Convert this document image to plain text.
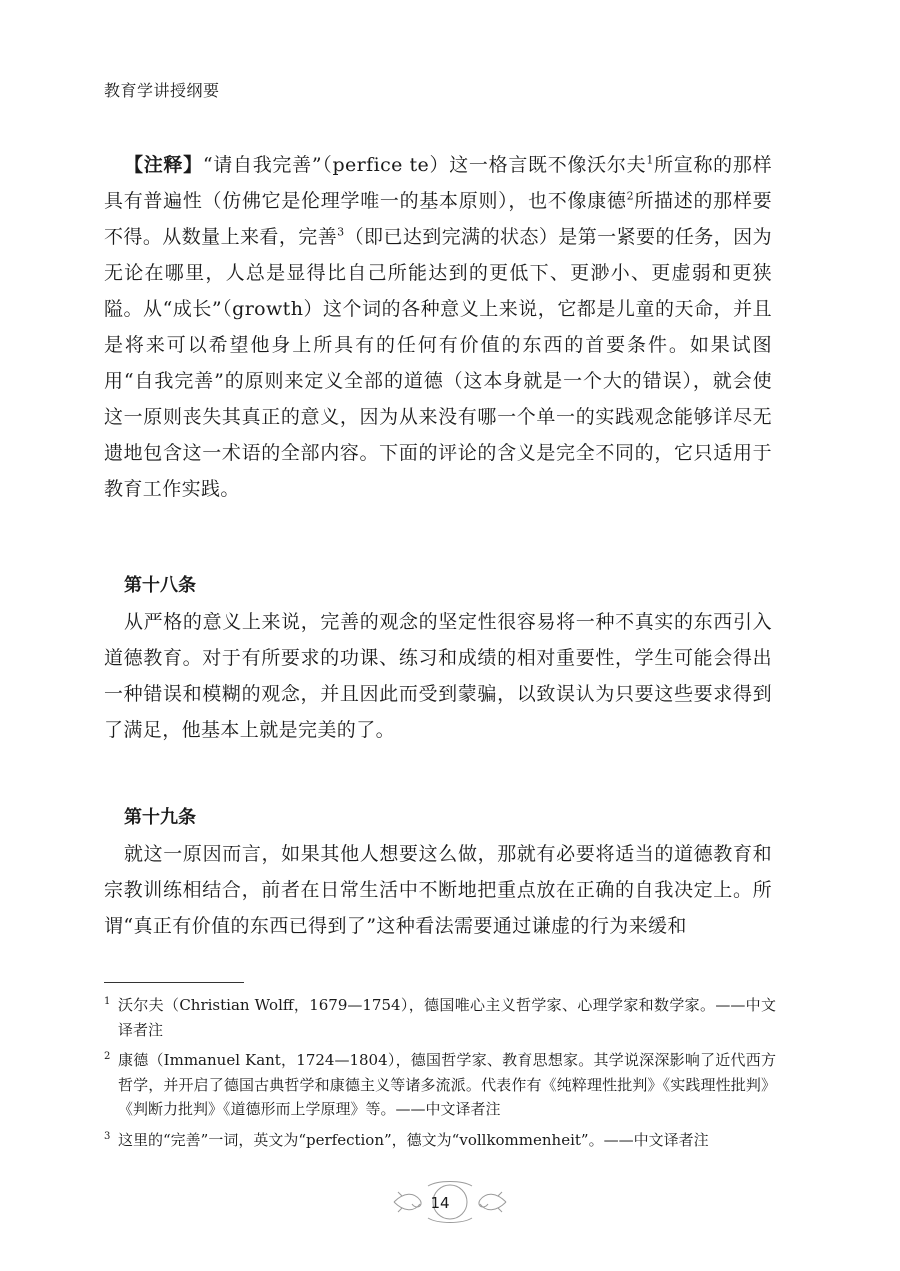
教育学讲授纲要
【注释】“请自我完善”（perfice te）这一格言既不像沃尔夫$^1$所宣称的那样具有普遍性（仿佛它是伦理学唯一的基本原则），也不像康德$^2$所描述的那样要不得。从数量上来看，完善$^3$（即已达到完满的状态）是第一紧要的任务，因为无论在哪里，人总是显得比自己所能达到的更低下、更渺小、更虚弱和更狭隘。从“成长”（growth）这个词的各种意义上来说，它都是儿童的天命，并且是将来可以希望他身上所具有的任何有价值的东西的首要条件。如果试图用“自我完善”的原则来定义全部的道德（这本身就是一个大的错误），就会使这一原则丧失其真正的意义，因为从来没有哪一个单一的实践观念能够详尽无遗地包含这一术语的全部内容。下面的评论的含义是完全不同的，它只适用于教育工作实践。
第十八条
从严格的意义上来说，完善的观念的坚定性很容易将一种不真实的东西引入道德教育。对于有所要求的功课、练习和成绩的相对重要性，学生可能会得出一种错误和模糊的观念，并且因此而受到蒙骗，以致误认为只要这些要求得到了满足，他基本上就是完美的了。
第十九条
就这一原因而言，如果其他人想要这么做，那就有必要将适当的道德教育和宗教训练相结合，前者在日常生活中不断地把重点放在正确的自我决定上。所谓“真正有价值的东西已得到了”这种看法需要通过谦虚的行为来缓和
1 沃尔夫（Christian Wolff，1679—1754），德国唯心主义哲学家、心理学家和数学家。——中文译者注
2 康德（Immanuel Kant，1724—1804），德国哲学家、教育思想家。其学说深深影响了近代西方哲学，并开启了德国古典哲学和康德主义等诸多流派。代表作有《纯粹理性批判》《实践理性批判》《判断力批判》《道德形而上学原理》等。——中文译者注
3 这里的“完善”一词，英文为“perfection”，德文为“vollkommenheit”。——中文译者注
14
